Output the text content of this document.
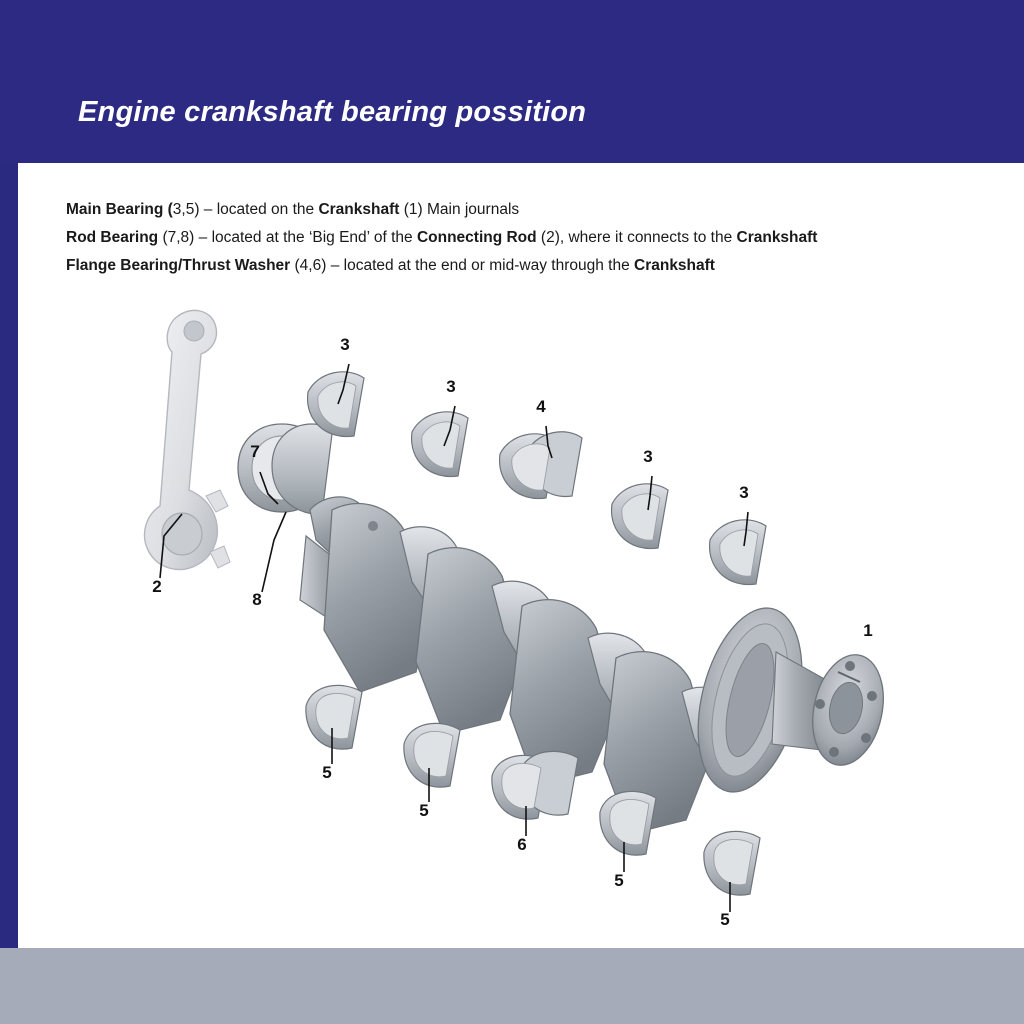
Engine crankshaft bearing possition
Main Bearing (3,5) – located on the Crankshaft (1) Main journals
Rod Bearing (7,8) – located at the ‘Big End’ of the Connecting Rod (2), where it connects to the Crankshaft
Flange Bearing/Thrust Washer (4,6) – located at the end or mid-way through the Crankshaft
1
2
3
3
3
3
4
5
5
5
5
6
7
8
